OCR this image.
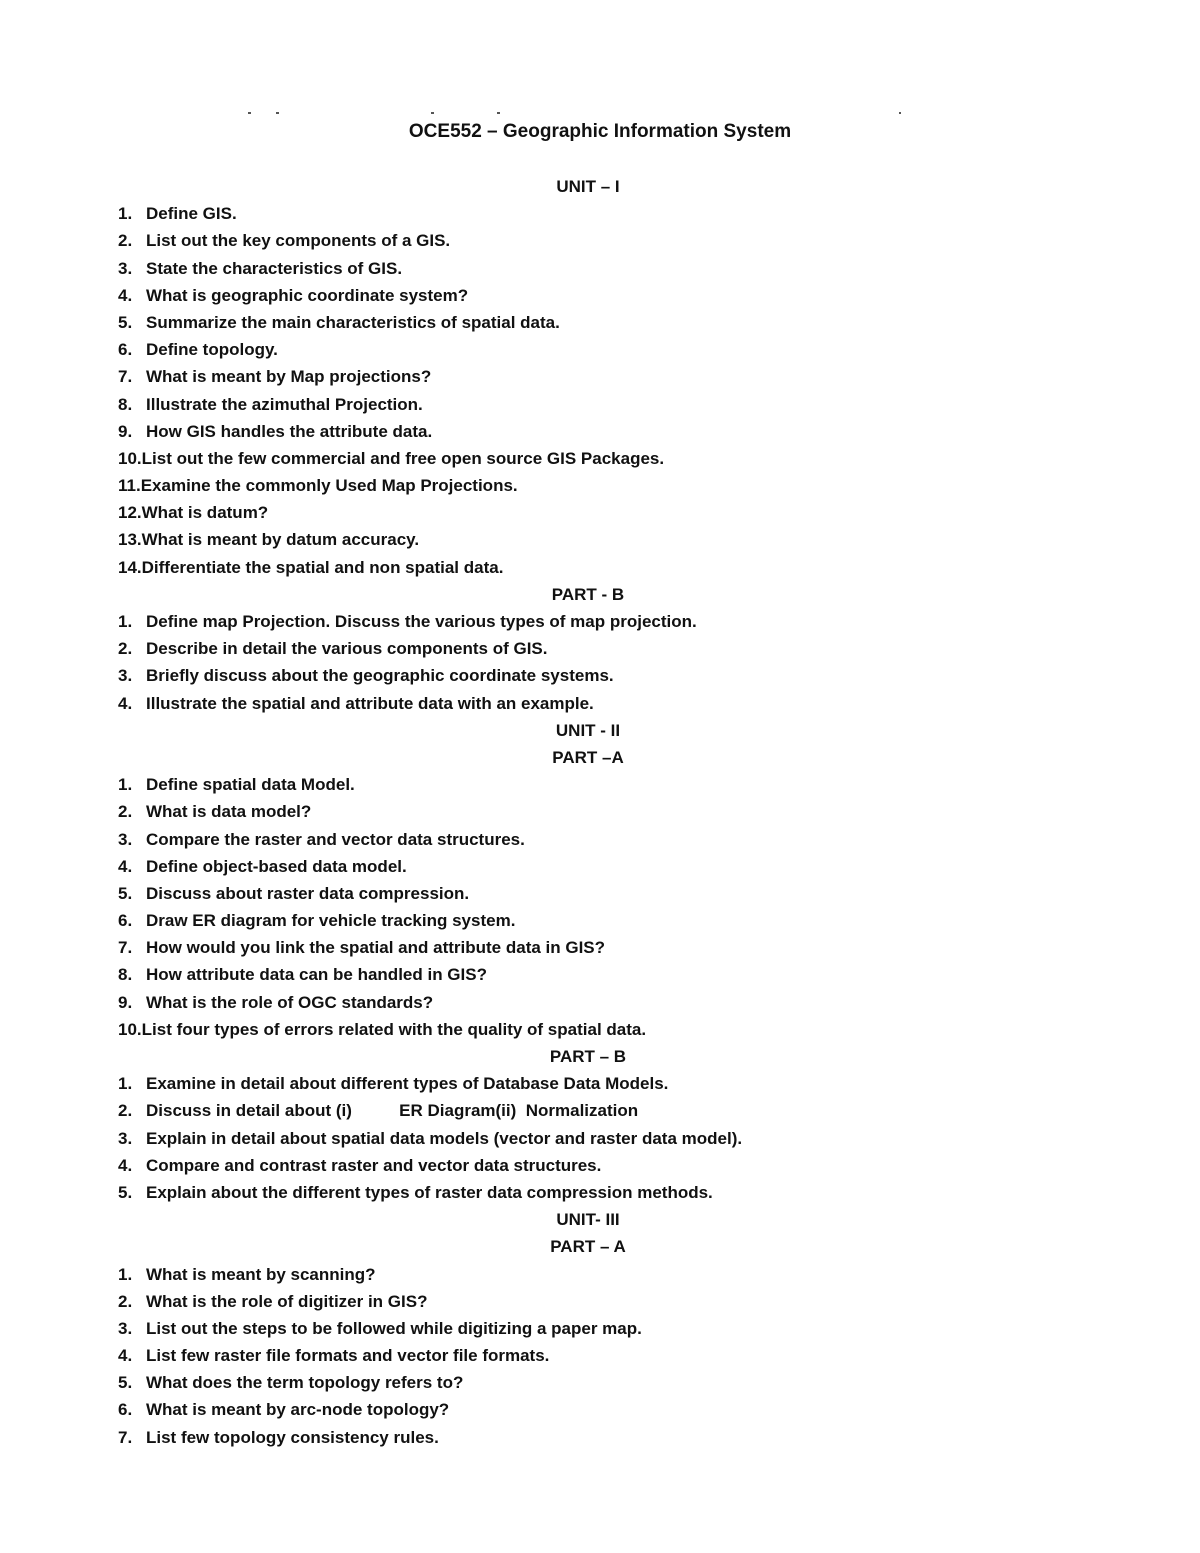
OCE552 – Geographic Information System
UNIT – I
1. Define GIS.
2. List out the key components of a GIS.
3. State the characteristics of GIS.
4. What is geographic coordinate system?
5. Summarize the main characteristics of spatial data.
6. Define topology.
7. What is meant by Map projections?
8. Illustrate the azimuthal Projection.
9. How GIS handles the attribute data.
10. List out the few commercial and free open source GIS Packages.
11. Examine the commonly Used Map Projections.
12. What is datum?
13. What is meant by datum accuracy.
14. Differentiate the spatial and non spatial data.
PART - B
1. Define map Projection. Discuss the various types of map projection.
2. Describe in detail the various components of GIS.
3. Briefly discuss about the geographic coordinate systems.
4. Illustrate the spatial and attribute data with an example.
UNIT - II
PART –A
1. Define spatial data Model.
2. What is data model?
3. Compare the raster and vector data structures.
4. Define object-based data model.
5. Discuss about raster data compression.
6. Draw ER diagram for vehicle tracking system.
7. How would you link the spatial and attribute data in GIS?
8. How attribute data can be handled in GIS?
9. What is the role of OGC standards?
10. List four types of errors related with the quality of spatial data.
PART – B
1. Examine in detail about different types of Database Data Models.
2. Discuss in detail about (i)          ER Diagram(ii)  Normalization
3. Explain in detail about spatial data models (vector and raster data model).
4. Compare and contrast raster and vector data structures.
5. Explain about the different types of raster data compression methods.
UNIT- III
PART – A
1. What is meant by scanning?
2. What is the role of digitizer in GIS?
3. List out the steps to be followed while digitizing a paper map.
4. List few raster file formats and vector file formats.
5. What does the term topology refers to?
6. What is meant by arc-node topology?
7. List few topology consistency rules.
